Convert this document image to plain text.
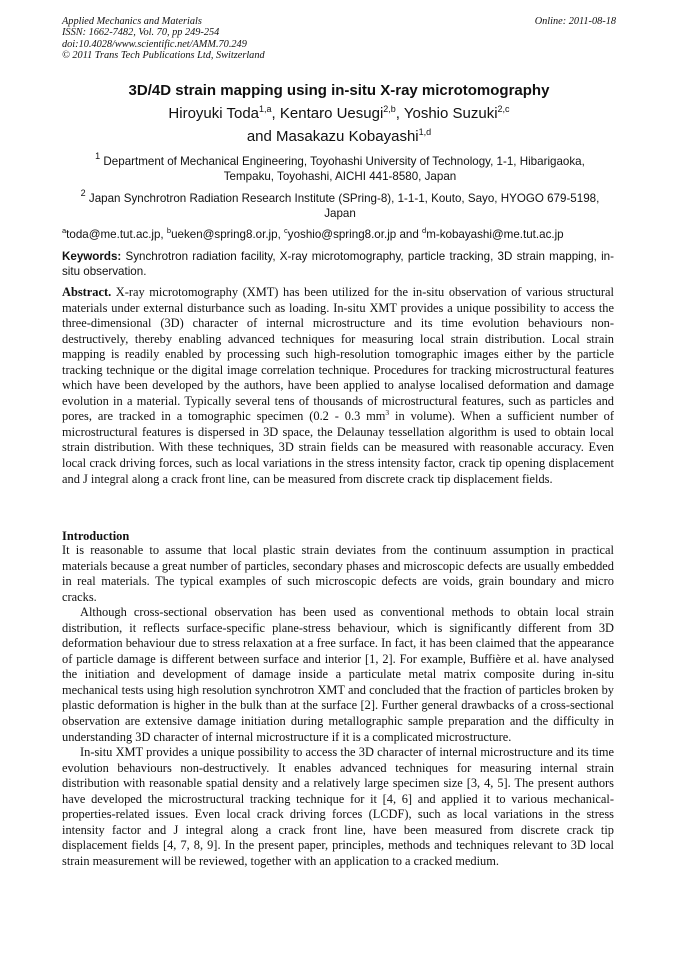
Applied Mechanics and Materials
ISSN: 1662-7482, Vol. 70, pp 249-254
doi:10.4028/www.scientific.net/AMM.70.249
© 2011 Trans Tech Publications Ltd, Switzerland
Online: 2011-08-18
3D/4D strain mapping using in-situ X-ray microtomography
Hiroyuki Toda$^{1,a}$, Kentaro Uesugi$^{2,b}$, Yoshio Suzuki$^{2,c}$
and Masakazu Kobayashi$^{1,d}$
$^1$ Department of Mechanical Engineering, Toyohashi University of Technology, 1-1, Hibarigaoka, Tempaku, Toyohashi, AICHI 441-8580, Japan
$^2$ Japan Synchrotron Radiation Research Institute (SPring-8), 1-1-1, Kouto, Sayo, HYOGO 679-5198, Japan
$^a$toda@me.tut.ac.jp, $^b$ueken@spring8.or.jp, $^c$yoshio@spring8.or.jp and $^d$m-kobayashi@me.tut.ac.jp
Keywords: Synchrotron radiation facility, X-ray microtomography, particle tracking, 3D strain mapping, in-situ observation.
Abstract. X-ray microtomography (XMT) has been utilized for the in-situ observation of various structural materials under external disturbance such as loading. In-situ XMT provides a unique possibility to access the three-dimensional (3D) character of internal microstructure and its time evolution behaviours non-destructively, thereby enabling advanced techniques for measuring local strain distribution. Local strain mapping is readily enabled by processing such high-resolution tomographic images either by the particle tracking technique or the digital image correlation technique. Procedures for tracking microstructural features which have been developed by the authors, have been applied to analyse localised deformation and damage evolution in a material. Typically several tens of thousands of microstructural features, such as particles and pores, are tracked in a tomographic specimen (0.2 - 0.3 $mm^3$ in volume). When a sufficient number of microstructural features is dispersed in 3D space, the Delaunay tessellation algorithm is used to obtain local strain distribution. With these techniques, 3D strain fields can be measured with reasonable accuracy. Even local crack driving forces, such as local variations in the stress intensity factor, crack tip opening displacement and J integral along a crack front line, can be measured from discrete crack tip displacement fields.
Introduction

It is reasonable to assume that local plastic strain deviates from the continuum assumption in practical materials because a great number of particles, secondary phases and microscopic defects are usually embedded in real materials. The typical examples of such microscopic defects are voids, grain boundary and micro cracks.

Although cross-sectional observation has been used as conventional methods to obtain local strain distribution, it reflects surface-specific plane-stress behaviour, which is significantly different from 3D deformation behaviour due to stress relaxation at a free surface. In fact, it has been claimed that the appearance of particle damage is different between surface and interior [1, 2]. For example, Buffière et al. have analysed the initiation and development of damage inside a particulate metal matrix composite during in-situ mechanical tests using high resolution synchrotron XMT and concluded that the fraction of particles broken by plastic deformation is higher in the bulk than at the surface [2]. Further general drawbacks of a cross-sectional observation are extensive damage initiation during metallographic sample preparation and the difficulty in understanding 3D character of internal microstructure if it is a complicated microstructure.

In-situ XMT provides a unique possibility to access the 3D character of internal microstructure and its time evolution behaviours non-destructively. It enables advanced techniques for measuring internal strain distribution with reasonable spatial density and a relatively large specimen size [3, 4, 5]. The present authors have developed the microstructural tracking technique for it [4, 6] and applied it to various mechanical-properties-related issues. Even local crack driving forces (LCDF), such as local variations in the stress intensity factor and J integral along a crack front line, have been measured from discrete crack tip displacement fields [4, 7, 8, 9]. In the present paper, principles, methods and techniques relevant to 3D local strain measurement will be reviewed, together with an application to a cracked medium.
